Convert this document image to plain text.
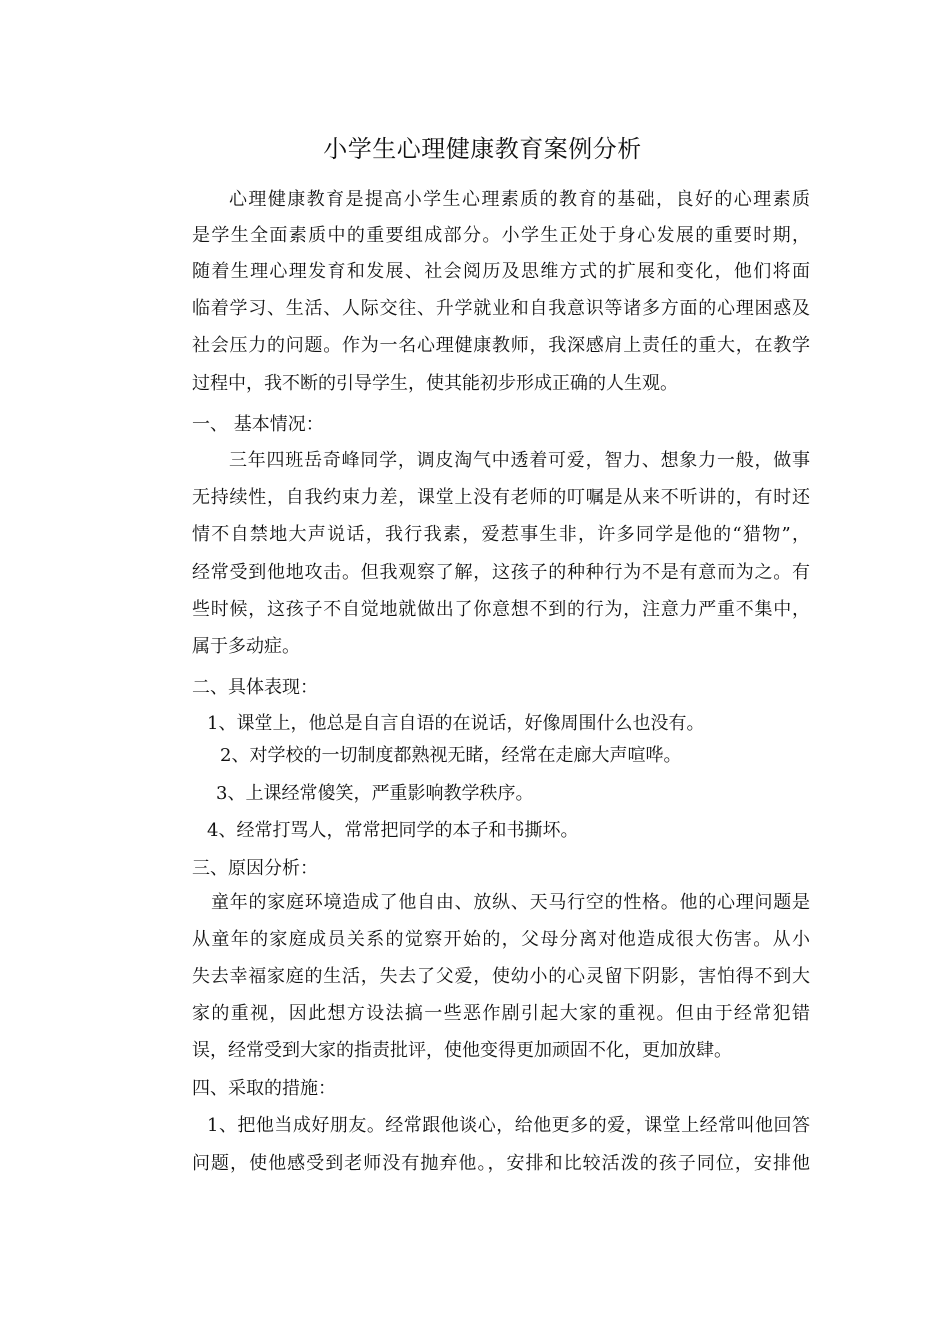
小学生心理健康教育案例分析
心理健康教育是提高小学生心理素质的教育的基础，良好的心理素质
是学生全面素质中的重要组成部分。小学生正处于身心发展的重要时期，
随着生理心理发育和发展、社会阅历及思维方式的扩展和变化，他们将面
临着学习、生活、人际交往、升学就业和自我意识等诸多方面的心理困惑及
社会压力的问题。作为一名心理健康教师，我深感肩上责任的重大，在教学
过程中，我不断的引导学生，使其能初步形成正确的人生观。
一、 基本情况：
三年四班岳奇峰同学，调皮淘气中透着可爱，智力、想象力一般，做事
无持续性，自我约束力差，课堂上没有老师的叮嘱是从来不听讲的，有时还
情不自禁地大声说话，我行我素，爱惹事生非，许多同学是他的“猎物”，
经常受到他地攻击。但我观察了解，这孩子的种种行为不是有意而为之。有
些时候，这孩子不自觉地就做出了你意想不到的行为，注意力严重不集中，
属于多动症。
二、具体表现：
1、课堂上，他总是自言自语的在说话，好像周围什么也没有。
2、对学校的一切制度都熟视无睹，经常在走廊大声喧哗。
3、上课经常傻笑，严重影响教学秩序。
4、经常打骂人，常常把同学的本子和书撕坏。
三、原因分析：
童年的家庭环境造成了他自由、放纵、天马行空的性格。他的心理问题是
从童年的家庭成员关系的觉察开始的，父母分离对他造成很大伤害。从小
失去幸福家庭的生活，失去了父爱，使幼小的心灵留下阴影，害怕得不到大
家的重视，因此想方设法搞一些恶作剧引起大家的重视。但由于经常犯错
误，经常受到大家的指责批评，使他变得更加顽固不化，更加放肆。
四、采取的措施：
1、把他当成好朋友。经常跟他谈心，给他更多的爱，课堂上经常叫他回答
问题，使他感受到老师没有抛弃他。，安排和比较活泼的孩子同位，安排他
